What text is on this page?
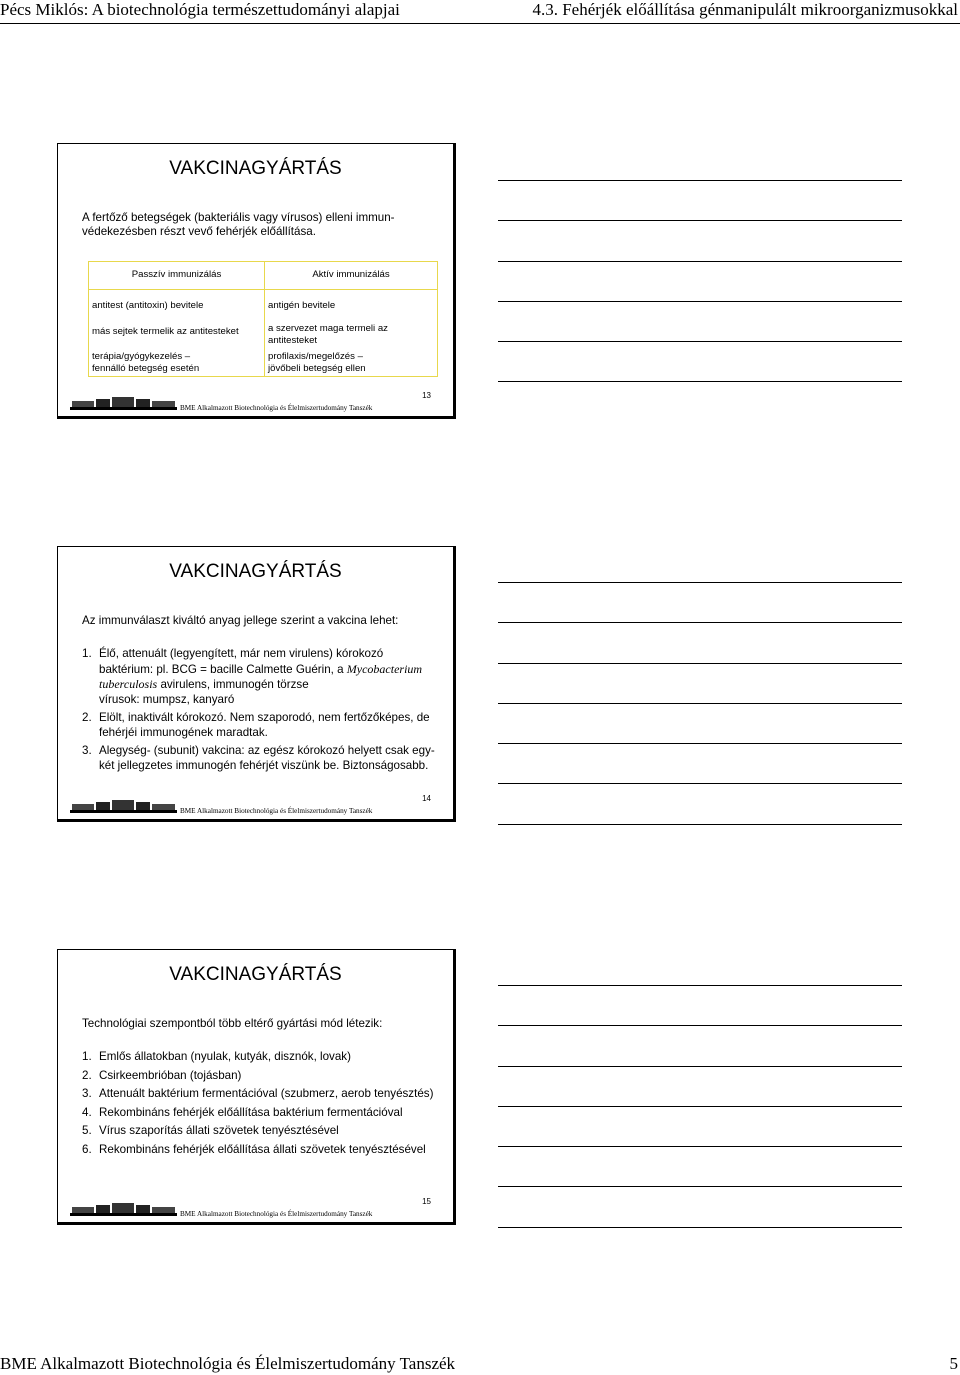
Pécs Miklós: A biotechnológia természettudományi alapjai	4.3. Fehérjék előállítása génmanipulált mikroorganizmusokkal
VAKCINAGYÁRTÁS
A fertőző betegségek (bakteriális vagy vírusos) elleni immun-védekezésben részt vevő fehérjék előállítása.
Passzív immunizálás
antitest (antitoxin) bevitele
más sejtek termelik az antitesteket
terápia/gyógykezelés – fennálló betegség esetén
Aktív immunizálás
antigén bevitele
a szervezet maga termeli az antitesteket
profilaxis/megelőzés – jövőbeli betegség ellen
BME Alkalmazott Biotechnológia és Élelmiszertudomány Tanszék
13
VAKCINAGYÁRTÁS
Az immunválaszt kiváltó anyag jellege szerint a vakcina lehet:
1. Élő, attenuált (legyengített, már nem virulens) kórokozó baktérium: pl. BCG = bacille Calmette Guérin, a Mycobacterium tuberculosis avirulens, immunogén törzse
vírusok: mumpsz, kanyaró
2. Elölt, inaktivált kórokozó. Nem szaporodó, nem fertőzőképes, de fehérjéi immunogének maradtak.
3. Alegység- (subunit) vakcina: az egész kórokozó helyett csak egy-két jellegzetes immunogén fehérjét viszünk be. Biztonságosabb.
BME Alkalmazott Biotechnológia és Élelmiszertudomány Tanszék
14
VAKCINAGYÁRTÁS
Technológiai szempontból több eltérő gyártási mód létezik:
1. Emlős állatokban (nyulak, kutyák, disznók, lovak)
2. Csirkeembrióban (tojásban)
3. Attenuált baktérium fermentációval (szubmerz, aerob tenyésztés)
4. Rekombináns fehérjék előállítása baktérium fermentációval
5. Vírus szaporítás állati szövetek tenyésztésével
6. Rekombináns fehérjék előállítása állati szövetek tenyésztésével
BME Alkalmazott Biotechnológia és Élelmiszertudomány Tanszék
15
BME Alkalmazott Biotechnológia és Élelmiszertudomány Tanszék	5
